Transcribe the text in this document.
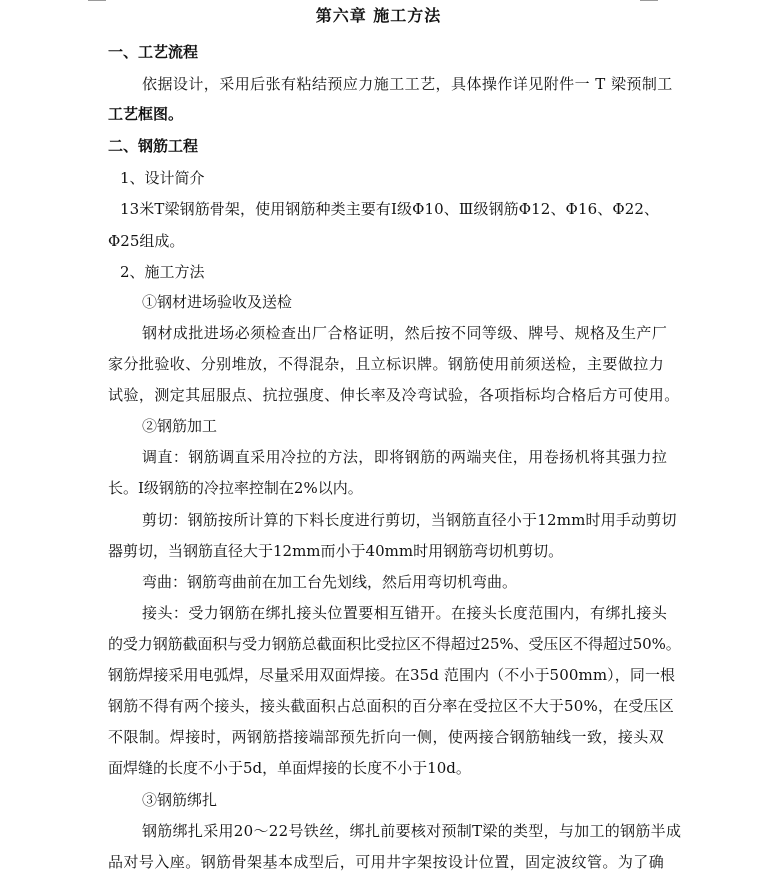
第六章 施工方法
一、工艺流程
依据设计，采用后张有粘结预应力施工工艺，具体操作详见附件一 T 梁预制工
工艺框图。
二、钢筋工程
1、设计简介
13米T梁钢筋骨架，使用钢筋种类主要有Ⅰ级Φ10、Ⅲ级钢筋Φ12、Φ16、Φ22、
Φ25组成。
2、施工方法
①钢材进场验收及送检
钢材成批进场必须检查出厂合格证明，然后按不同等级、牌号、规格及生产厂
家分批验收、分别堆放，不得混杂，且立标识牌。钢筋使用前须送检，主要做拉力
试验，测定其屈服点、抗拉强度、伸长率及冷弯试验，各项指标均合格后方可使用。
②钢筋加工
调直：钢筋调直采用冷拉的方法，即将钢筋的两端夹住，用卷扬机将其强力拉
长。Ⅰ级钢筋的冷拉率控制在2%以内。
剪切：钢筋按所计算的下料长度进行剪切，当钢筋直径小于12mm时用手动剪切
器剪切，当钢筋直径大于12mm而小于40mm时用钢筋弯切机剪切。
弯曲：钢筋弯曲前在加工台先划线，然后用弯切机弯曲。
接头：受力钢筋在绑扎接头位置要相互错开。在接头长度范围内，有绑扎接头
的受力钢筋截面积与受力钢筋总截面积比受拉区不得超过25%、受压区不得超过50%。
钢筋焊接采用电弧焊，尽量采用双面焊接。在35d 范围内（不小于500mm），同一根
钢筋不得有两个接头，接头截面积占总面积的百分率在受拉区不大于50%，在受压区
不限制。焊接时，两钢筋搭接端部预先折向一侧，使两接合钢筋轴线一致，接头双
面焊缝的长度不小于5d，单面焊接的长度不小于10d。
③钢筋绑扎
钢筋绑扎采用20～22号铁丝，绑扎前要核对预制T梁的类型，与加工的钢筋半成
品对号入座。钢筋骨架基本成型后，可用井字架按设计位置，固定波纹管。为了确
